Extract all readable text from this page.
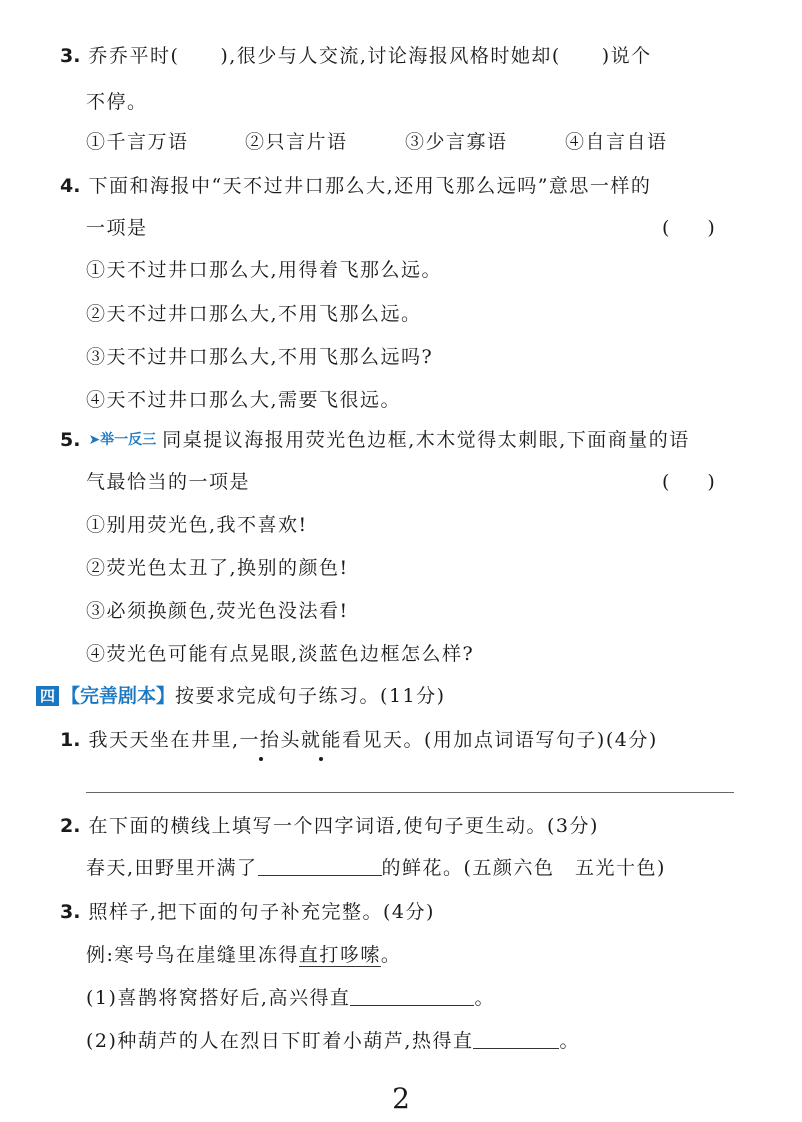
3. 乔乔平时(　　),很少与人交流,讨论海报风格时她却(　　)说个
不停。
①千言万语	②只言片语	③少言寡语	④自言自语
4. 下面和海报中“天不过井口那么大,还用飞那么远吗”意思一样的
一项是	(　　)
①天不过井口那么大,用得着飞那么远。
②天不过井口那么大,不用飞那么远。
③天不过井口那么大,不用飞那么远吗?
④天不过井口那么大,需要飞很远。
5. ➤举一反三 同桌提议海报用荧光色边框,木木觉得太刺眼,下面商量的语
气最恰当的一项是	(　　)
①别用荧光色,我不喜欢!
②荧光色太丑了,换别的颜色!
③必须换颜色,荧光色没法看!
④荧光色可能有点晃眼,淡蓝色边框怎么样?
四 【完善剧本】按要求完成句子练习。(11分)
1. 我天天坐在井里,一抬头就能看见天。(用加点词语写句子)(4分)
2. 在下面的横线上填写一个四字词语,使句子更生动。(3分)
春天,田野里开满了	的鲜花。(五颜六色　五光十色)
3. 照样子,把下面的句子补充完整。(4分)
例:寒号鸟在崖缝里冻得直打哆嗦。
(1)喜鹊将窝搭好后,高兴得直	。
(2)种葫芦的人在烈日下盯着小葫芦,热得直	。
2
